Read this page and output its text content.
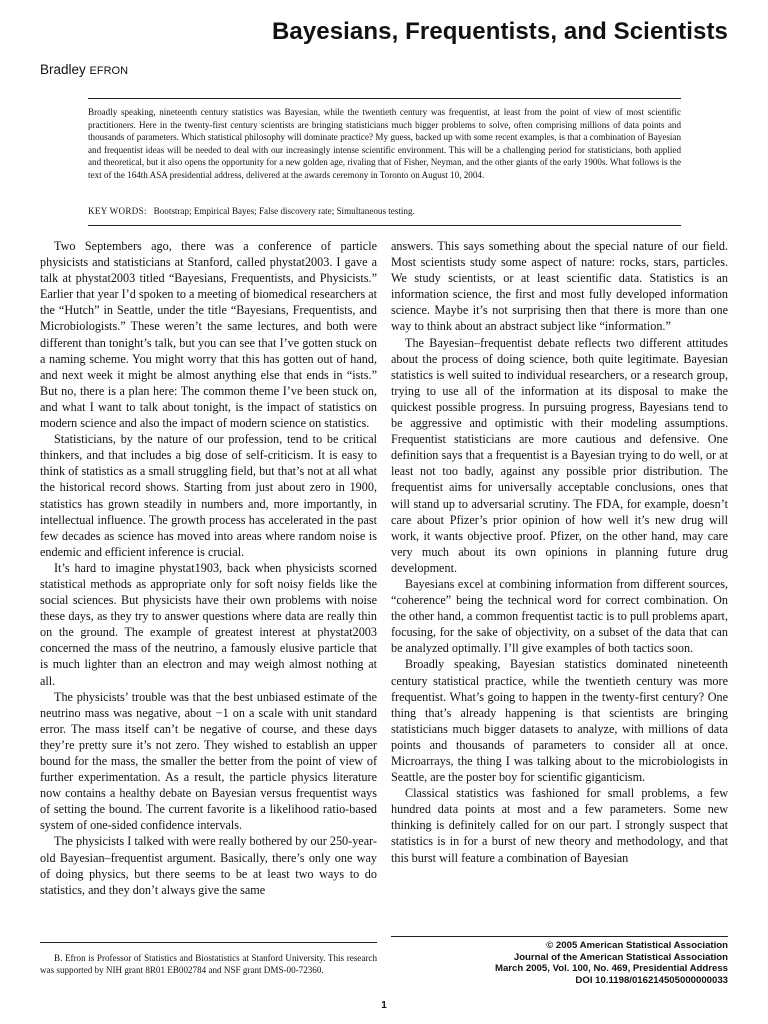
Bayesians, Frequentists, and Scientists
Bradley EFRON

Broadly speaking, nineteenth century statistics was Bayesian, while the twentieth century was frequentist, at least from the point of view of most scientific practitioners. Here in the twenty-first century scientists are bringing statisticians much bigger problems to solve, often comprising millions of data points and thousands of parameters. Which statistical philosophy will dominate practice? My guess, backed up with some recent examples, is that a combination of Bayesian and frequentist ideas will be needed to deal with our increasingly intense scientific environment. This will be a challenging period for statisticians, both applied and theoretical, but it also opens the opportunity for a new golden age, rivaling that of Fisher, Neyman, and the other giants of the early 1900s. What follows is the text of the 164th ASA presidential address, delivered at the awards ceremony in Toronto on August 10, 2004.

KEY WORDS: Bootstrap; Empirical Bayes; False discovery rate; Simultaneous testing.

Two Septembers ago, there was a conference of particle physicists and statisticians at Stanford, called phystat2003. I gave a talk at phystat2003 titled “Bayesians, Frequentists, and Physicists.” Earlier that year I’d spoken to a meeting of biomedical researchers at the “Hutch” in Seattle, under the title “Bayesians, Frequentists, and Microbiologists.” These weren’t the same lectures, and both were different than tonight’s talk, but you can see that I’ve gotten stuck on a naming scheme. You might worry that this has gotten out of hand, and next week it might be almost anything else that ends in “ists.” But no, there is a plan here: The common theme I’ve been stuck on, and what I want to talk about tonight, is the impact of statistics on modern science and also the impact of modern science on statistics.

Statisticians, by the nature of our profession, tend to be critical thinkers, and that includes a big dose of self-criticism. It is easy to think of statistics as a small struggling field, but that’s not at all what the historical record shows. Starting from just about zero in 1900, statistics has grown steadily in numbers and, more importantly, in intellectual influence. The growth process has accelerated in the past few decades as science has moved into areas where random noise is endemic and efficient inference is crucial.

It’s hard to imagine phystat1903, back when physicists scorned statistical methods as appropriate only for soft noisy fields like the social sciences. But physicists have their own problems with noise these days, as they try to answer questions where data are really thin on the ground. The example of greatest interest at phystat2003 concerned the mass of the neutrino, a famously elusive particle that is much lighter than an electron and may weigh almost nothing at all.

The physicists’ trouble was that the best unbiased estimate of the neutrino mass was negative, about −1 on a scale with unit standard error. The mass itself can’t be negative of course, and these days they’re pretty sure it’s not zero. They wished to establish an upper bound for the mass, the smaller the better from the point of view of further experimentation. As a result, the particle physics literature now contains a healthy debate on Bayesian versus frequentist ways of setting the bound. The current favorite is a likelihood ratio-based system of one-sided confidence intervals.

The physicists I talked with were really bothered by our 250-year-old Bayesian–frequentist argument. Basically, there’s only one way of doing physics, but there seems to be at least two ways to do statistics, and they don’t always give the same

answers. This says something about the special nature of our field. Most scientists study some aspect of nature: rocks, stars, particles. We study scientists, or at least scientific data. Statistics is an information science, the first and most fully developed information science. Maybe it’s not surprising then that there is more than one way to think about an abstract subject like “information.”

The Bayesian–frequentist debate reflects two different attitudes about the process of doing science, both quite legitimate. Bayesian statistics is well suited to individual researchers, or a research group, trying to use all of the information at its disposal to make the quickest possible progress. In pursuing progress, Bayesians tend to be aggressive and optimistic with their modeling assumptions. Frequentist statisticians are more cautious and defensive. One definition says that a frequentist is a Bayesian trying to do well, or at least not too badly, against any possible prior distribution. The frequentist aims for universally acceptable conclusions, ones that will stand up to adversarial scrutiny. The FDA, for example, doesn’t care about Pfizer’s prior opinion of how well it’s new drug will work, it wants objective proof. Pfizer, on the other hand, may care very much about its own opinions in planning future drug development.

Bayesians excel at combining information from different sources, “coherence” being the technical word for correct combination. On the other hand, a common frequentist tactic is to pull problems apart, focusing, for the sake of objectivity, on a subset of the data that can be analyzed optimally. I’ll give examples of both tactics soon.

Broadly speaking, Bayesian statistics dominated nineteenth century statistical practice, while the twentieth century was more frequentist. What’s going to happen in the twenty-first century? One thing that’s already happening is that scientists are bringing statisticians much bigger datasets to analyze, with millions of data points and thousands of parameters to consider all at once. Microarrays, the thing I was talking about to the microbiologists in Seattle, are the poster boy for scientific giganticism.

Classical statistics was fashioned for small problems, a few hundred data points at most and a few parameters. Some new thinking is definitely called for on our part. I strongly suspect that statistics is in for a burst of new theory and methodology, and that this burst will feature a combination of Bayesian

B. Efron is Professor of Statistics and Biostatistics at Stanford University. This research was supported by NIH grant 8R01 EB002784 and NSF grant DMS-00-72360.

© 2005 American Statistical Association
Journal of the American Statistical Association
March 2005, Vol. 100, No. 469, Presidential Address
DOI 10.1198/016214505000000033
1
